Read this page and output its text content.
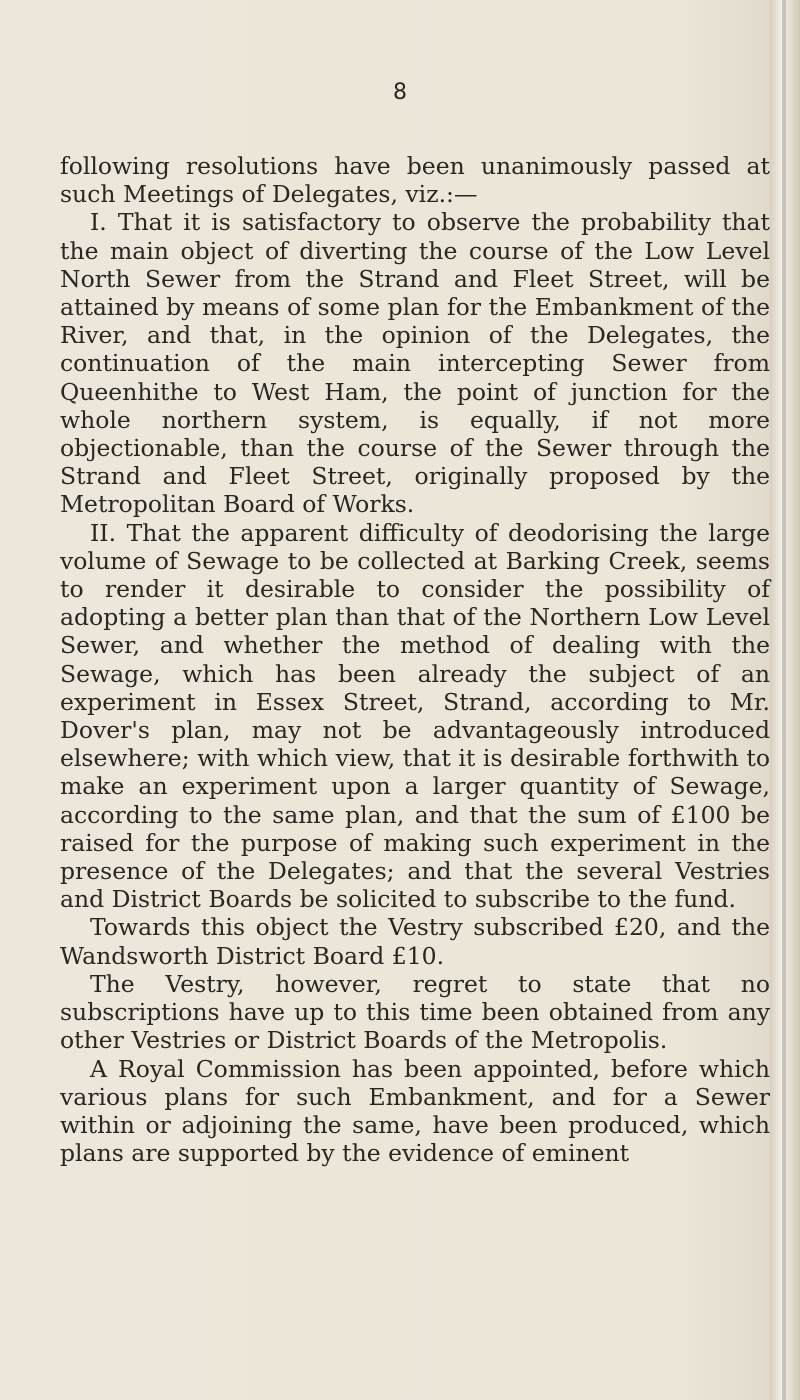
8

following resolutions have been unanimously passed at such Meetings of Delegates, viz.:—

I. That it is satisfactory to observe the probability that the main object of diverting the course of the Low Level North Sewer from the Strand and Fleet Street, will be attained by means of some plan for the Embankment of the River, and that, in the opinion of the Delegates, the continuation of the main intercepting Sewer from Queenhithe to West Ham, the point of junction for the whole northern system, is equally, if not more objectionable, than the course of the Sewer through the Strand and Fleet Street, originally proposed by the Metropolitan Board of Works.

II. That the apparent difficulty of deodorising the large volume of Sewage to be collected at Barking Creek, seems to render it desirable to consider the possibility of adopting a better plan than that of the Northern Low Level Sewer, and whether the method of dealing with the Sewage, which has been already the subject of an experiment in Essex Street, Strand, according to Mr. Dover's plan, may not be advantageously introduced elsewhere; with which view, that it is desirable forthwith to make an experiment upon a larger quantity of Sewage, according to the same plan, and that the sum of £100 be raised for the purpose of making such experiment in the presence of the Delegates; and that the several Vestries and District Boards be solicited to subscribe to the fund.

Towards this object the Vestry subscribed £20, and the Wandsworth District Board £10.

The Vestry, however, regret to state that no subscriptions have up to this time been obtained from any other Vestries or District Boards of the Metropolis.

A Royal Commission has been appointed, before which various plans for such Embankment, and for a Sewer within or adjoining the same, have been produced, which plans are supported by the evidence of eminent
